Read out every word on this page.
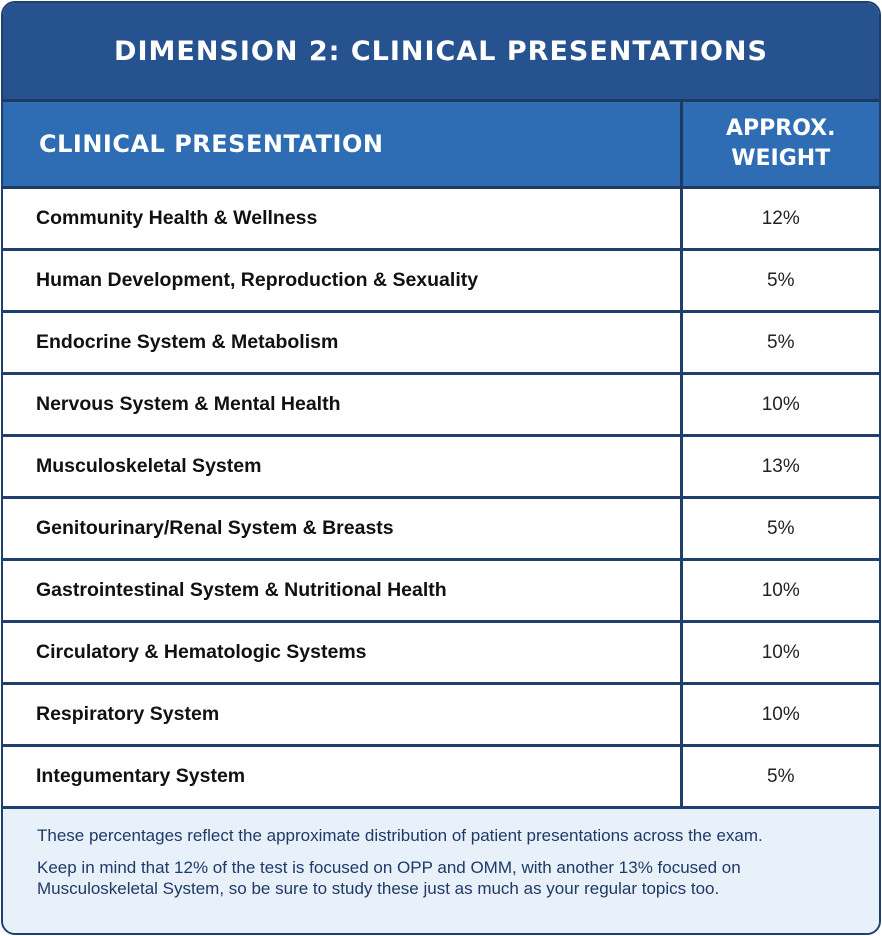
DIMENSION 2: CLINICAL PRESENTATIONS
CLINICAL PRESENTATION	APPROX.
WEIGHT
Community Health & Wellness	12%
Human Development, Reproduction & Sexuality	5%
Endocrine System & Metabolism	5%
Nervous System & Mental Health	10%
Musculoskeletal System	13%
Genitourinary/Renal System & Breasts	5%
Gastrointestinal System & Nutritional Health	10%
Circulatory & Hematologic Systems	10%
Respiratory System	10%
Integumentary System	5%

These percentages reflect the approximate distribution of patient presentations across the exam.

Keep in mind that 12% of the test is focused on OPP and OMM, with another 13% focused on Musculoskeletal System, so be sure to study these just as much as your regular topics too.
